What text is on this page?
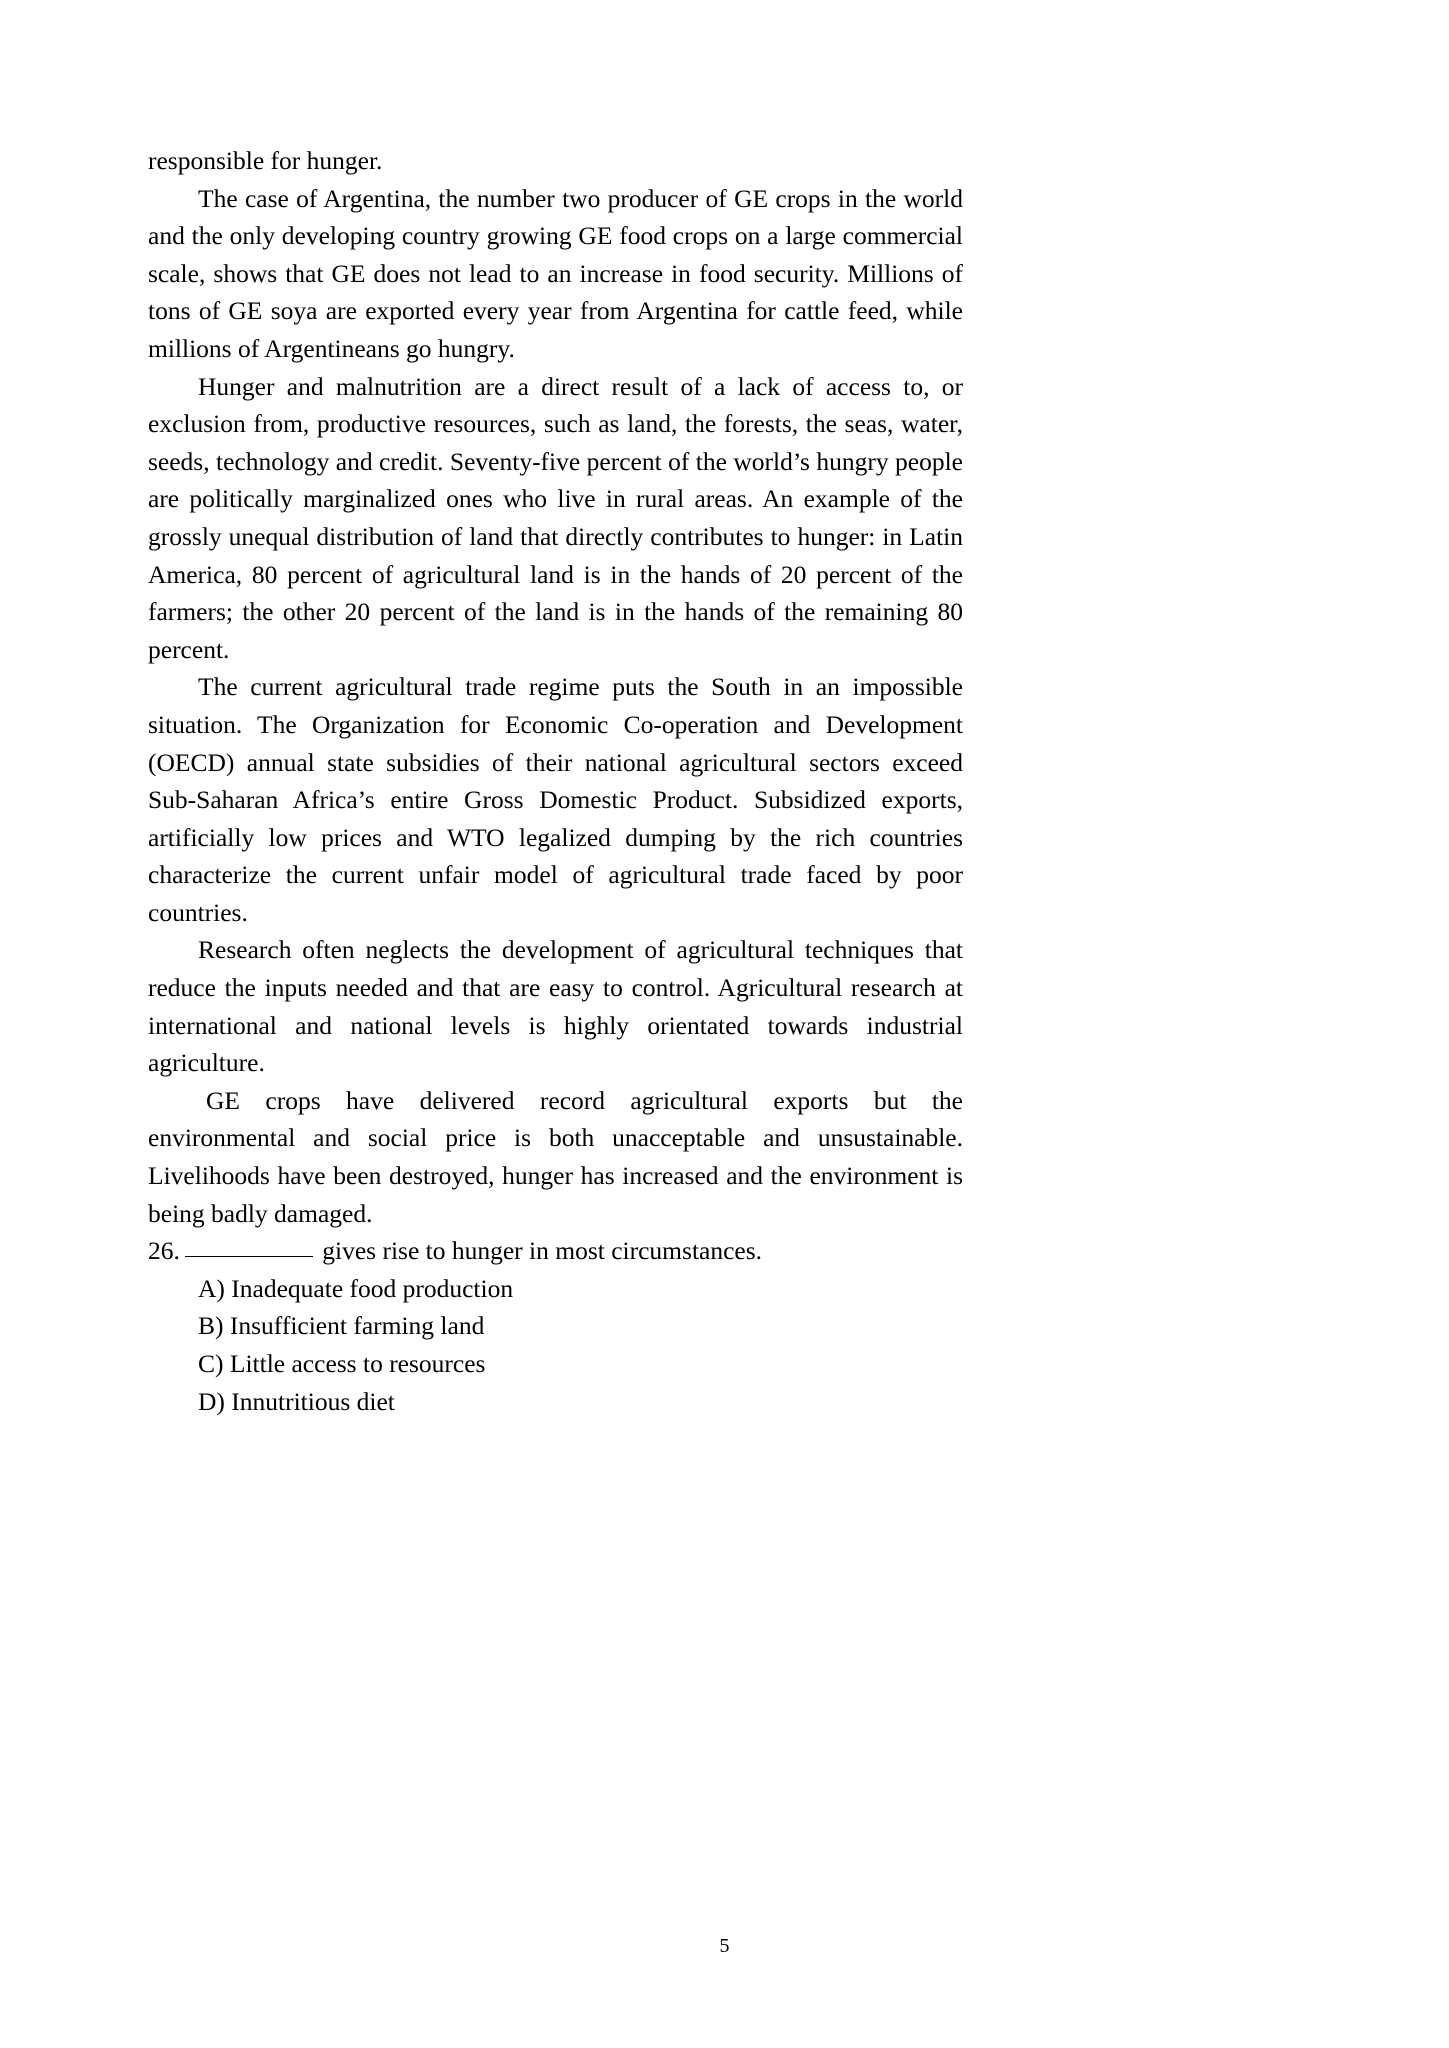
responsible for hunger.

The case of Argentina, the number two producer of GE crops in the world and the only developing country growing GE food crops on a large commercial scale, shows that GE does not lead to an increase in food security. Millions of tons of GE soya are exported every year from Argentina for cattle feed, while millions of Argentineans go hungry.

Hunger and malnutrition are a direct result of a lack of access to, or exclusion from, productive resources, such as land, the forests, the seas, water, seeds, technology and credit. Seventy-five percent of the world’s hungry people are politically marginalized ones who live in rural areas. An example of the grossly unequal distribution of land that directly contributes to hunger: in Latin America, 80 percent of agricultural land is in the hands of 20 percent of the farmers; the other 20 percent of the land is in the hands of the remaining 80 percent.

The current agricultural trade regime puts the South in an impossible situation. The Organization for Economic Co-operation and Development (OECD) annual state subsidies of their national agricultural sectors exceed Sub-Saharan Africa’s entire Gross Domestic Product. Subsidized exports, artificially low prices and WTO legalized dumping by the rich countries characterize the current unfair model of agricultural trade faced by poor countries.

Research often neglects the development of agricultural techniques that reduce the inputs needed and that are easy to control. Agricultural research at international and national levels is highly orientated towards industrial agriculture.

GE crops have delivered record agricultural exports but the environmental and social price is both unacceptable and unsustainable. Livelihoods have been destroyed, hunger has increased and the environment is being badly damaged.

26.	gives rise to hunger in most circumstances.

A) Inadequate food production
B) Insufficient farming land
C) Little access to resources
D) Innutritious diet
5
